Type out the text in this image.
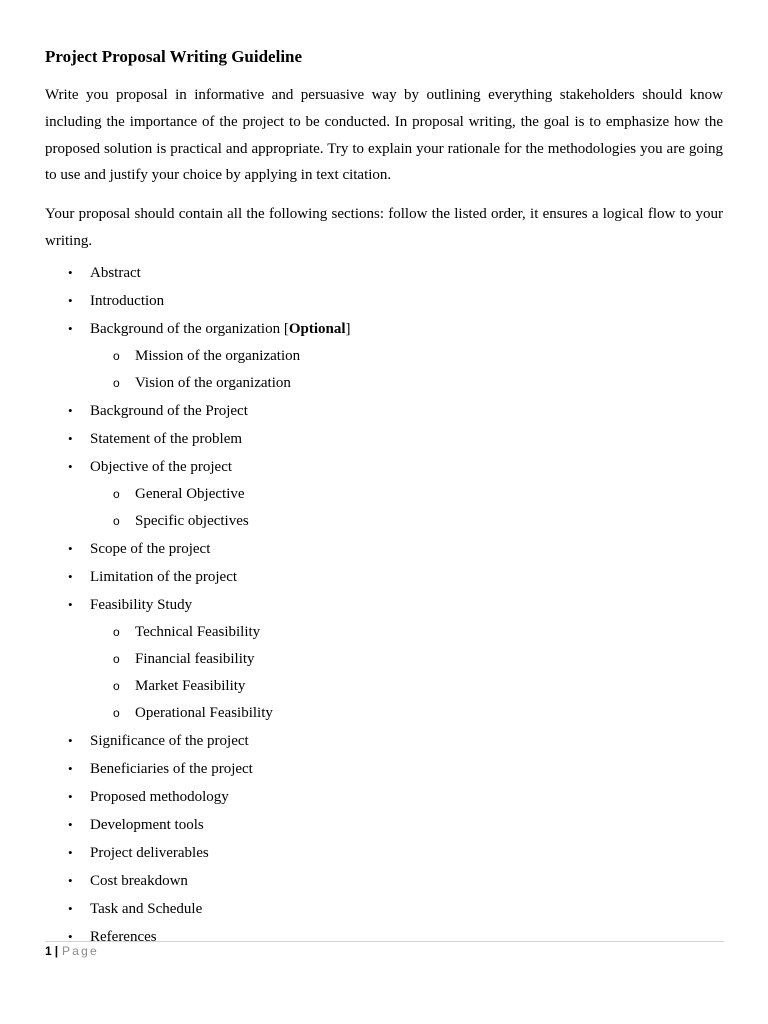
Project Proposal Writing Guideline

Write you proposal in informative and persuasive way by outlining everything stakeholders should know including the importance of the project to be conducted. In proposal writing, the goal is to emphasize how the proposed solution is practical and appropriate. Try to explain your rationale for the methodologies you are going to use and justify your choice by applying in text citation.

Your proposal should contain all the following sections: follow the listed order, it ensures a logical flow to your writing.

• Abstract
• Introduction
• Background of the organization [Optional]
o Mission of the organization
o Vision of the organization
• Background of the Project
• Statement of the problem
• Objective of the project
o General Objective
o Specific objectives
• Scope of the project
• Limitation of the project
• Feasibility Study
o Technical Feasibility
o Financial feasibility
o Market Feasibility
o Operational Feasibility
• Significance of the project
• Beneficiaries of the project
• Proposed methodology
• Development tools
• Project deliverables
• Cost breakdown
• Task and Schedule
• References
1 | Page
